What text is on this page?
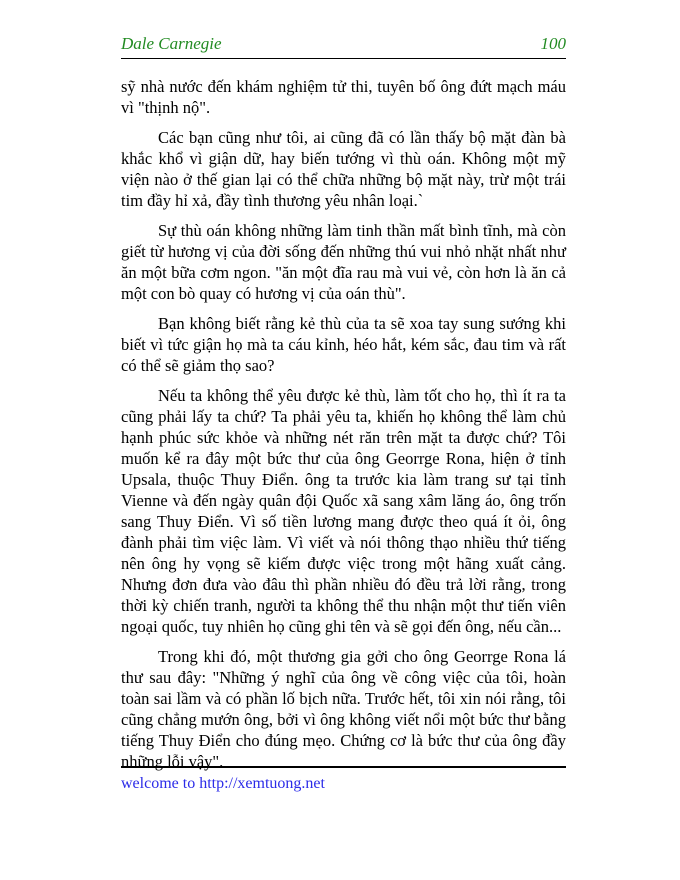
Dale Carnegie	100

sỹ nhà nước đến khám nghiệm tử thi, tuyên bố ông đứt mạch máu vì "thịnh nộ".

Các bạn cũng như tôi, ai cũng đã có lần thấy bộ mặt đàn bà khắc khổ vì giận dữ, hay biến tướng vì thù oán. Không một mỹ viện nào ở thế gian lại có thể chữa những bộ mặt này, trừ một trái tim đầy hỉ xả, đầy tình thương yêu nhân loại.`

Sự thù oán không những làm tinh thần mất bình tĩnh, mà còn giết từ hương vị của đời sống đến những thú vui nhỏ nhặt nhất như ăn một bữa cơm ngon. "ăn một đĩa rau mà vui vẻ, còn hơn là ăn cả một con bò quay có hương vị của oán thù".

Bạn không biết rằng kẻ thù của ta sẽ xoa tay sung sướng khi biết vì tức giận họ mà ta cáu kỉnh, héo hắt, kém sắc, đau tim và rất có thể sẽ giảm thọ sao?

Nếu ta không thể yêu được kẻ thù, làm tốt cho họ, thì ít ra ta cũng phải lấy ta chứ? Ta phải yêu ta, khiến họ không thể làm chủ hạnh phúc sức khỏe và những nét răn trên mặt ta được chứ? Tôi muốn kể ra đây một bức thư của ông Georrge Rona, hiện ở tỉnh Upsala, thuộc Thuy Điển. ông ta trước kia làm trang sư tại tỉnh Vienne và đến ngày quân đội Quốc xã sang xâm lăng áo, ông trốn sang Thuy Điển. Vì số tiền lương mang được theo quá ít ỏi, ông đành phải tìm việc làm. Vì viết và nói thông thạo nhiều thứ tiếng nên ông hy vọng sẽ kiếm được việc trong một hãng xuất cảng. Nhưng đơn đưa vào đâu thì phần nhiều đó đều trả lời rằng, trong thời kỳ chiến tranh, người ta không thể thu nhận một thư tiến viên ngoại quốc, tuy nhiên họ cũng ghi tên và sẽ gọi đến ông, nếu cần...

Trong khi đó, một thương gia gởi cho ông Georrge Rona lá thư sau đây: "Những ý nghĩ của ông về công việc của tôi, hoàn toàn sai lầm và có phần lố bịch nữa. Trước hết, tôi xin nói rằng, tôi cũng chẳng mướn ông, bởi vì ông không viết nổi một bức thư bằng tiếng Thuy Điển cho đúng mẹo. Chứng cơ là bức thư của ông đầy những lỗi vậy".

welcome to http://xemtuong.net
